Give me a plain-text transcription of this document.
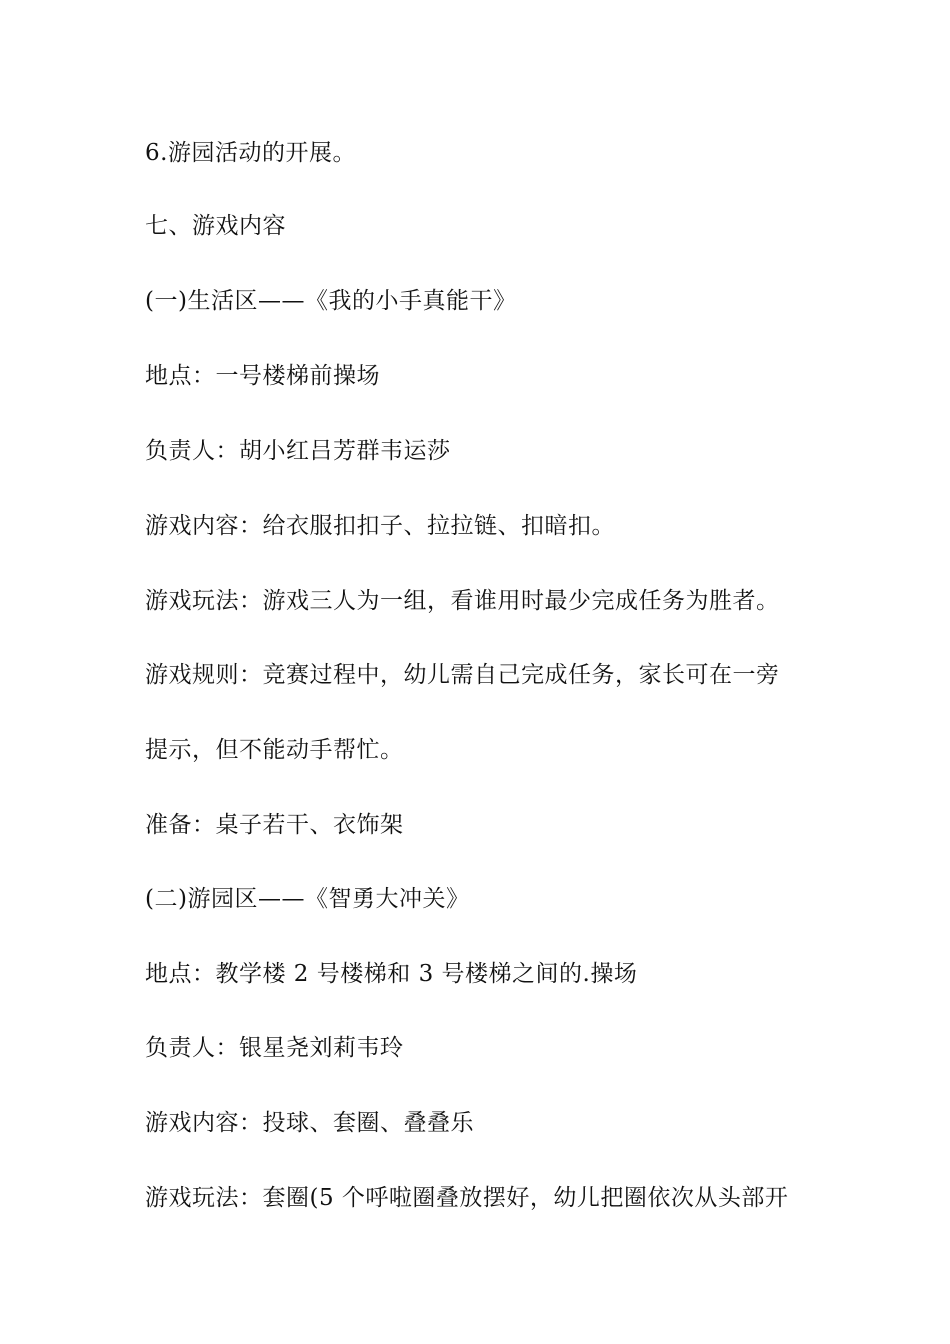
6.游园活动的开展。

七、游戏内容

(一)生活区——《我的小手真能干》

地点：一号楼梯前操场

负责人：胡小红吕芳群韦运莎

游戏内容：给衣服扣扣子、拉拉链、扣暗扣。

游戏玩法：游戏三人为一组，看谁用时最少完成任务为胜者。

游戏规则：竞赛过程中，幼儿需自己完成任务，家长可在一旁

提示，但不能动手帮忙。

准备：桌子若干、衣饰架

(二)游园区——《智勇大冲关》

地点：教学楼 2 号楼梯和 3 号楼梯之间的.操场

负责人：银星尧刘莉韦玲

游戏内容：投球、套圈、叠叠乐

游戏玩法：套圈(5 个呼啦圈叠放摆好，幼儿把圈依次从头部开
